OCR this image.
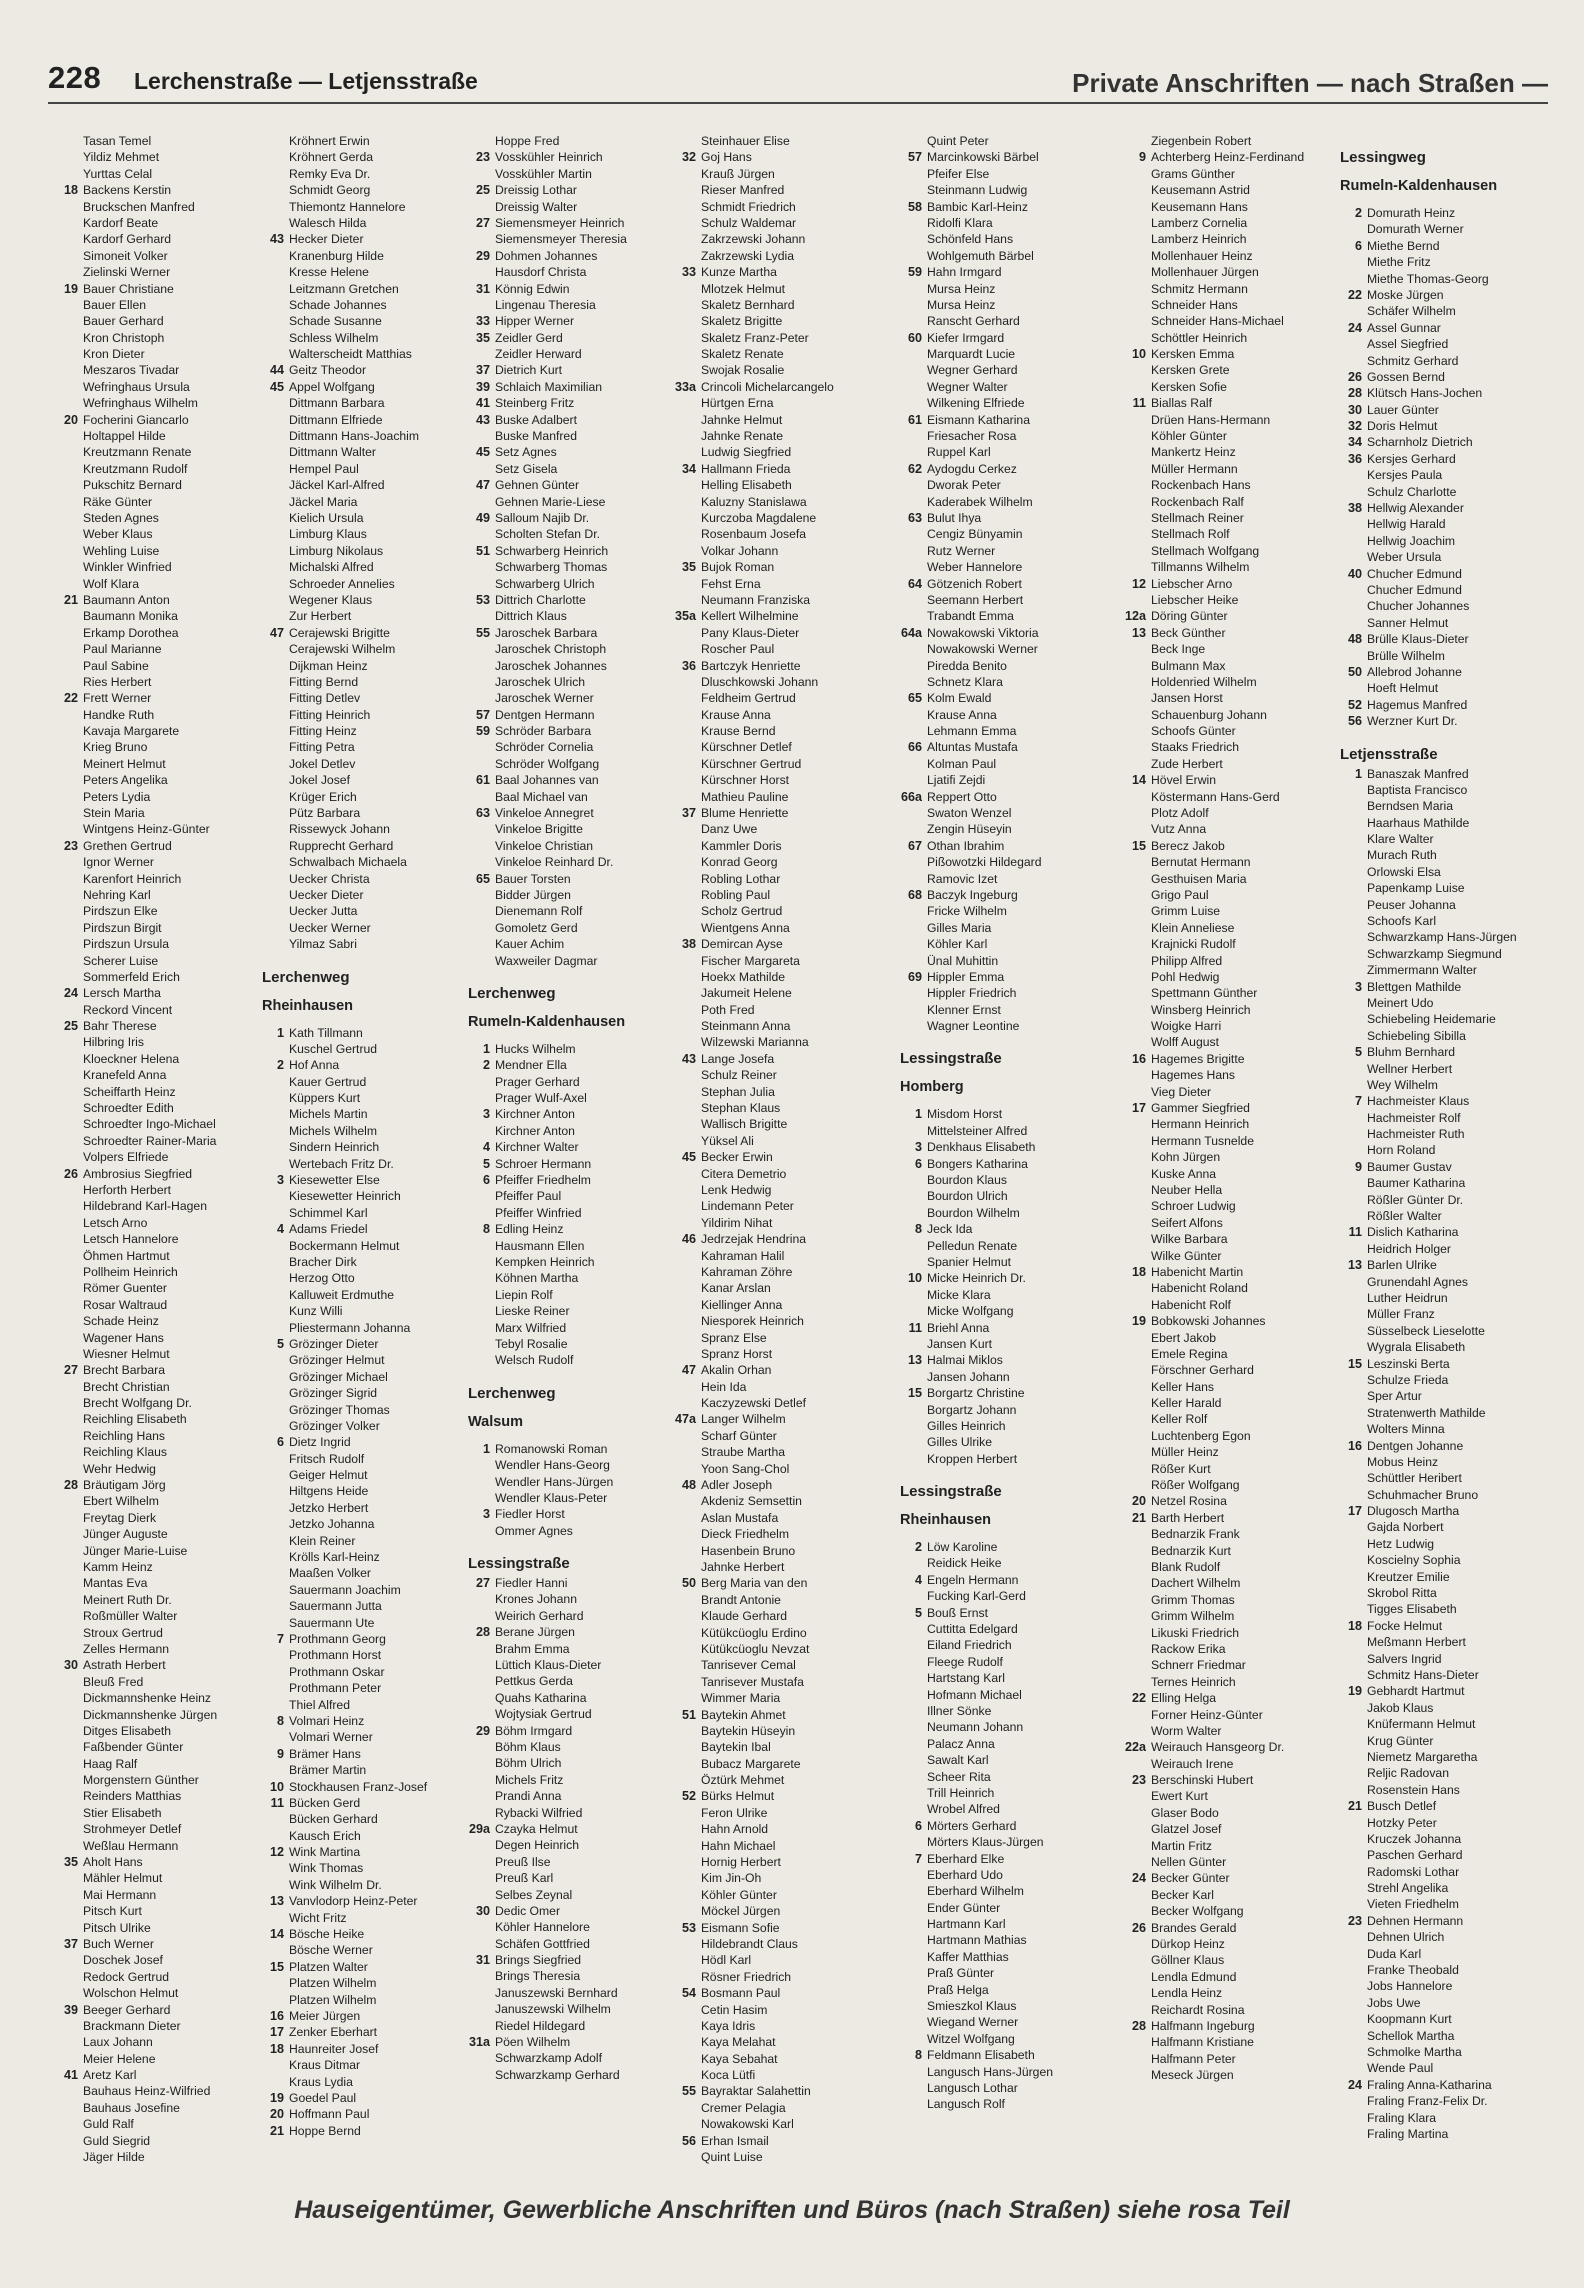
228 Lerchenstraße — Letjensstraße	Private Anschriften — nach Straßen —
Tasan Temel
Yildiz Mehmet
Yurttas Celal
18 Backens Kerstin
Bruckschen Manfred
Kardorf Beate
Kardorf Gerhard
Simoneit Volker
Zielinski Werner
19 Bauer Christiane
Bauer Ellen
Bauer Gerhard
Kron Christoph
Kron Dieter
Meszaros Tivadar
Wefringhaus Ursula
Wefringhaus Wilhelm
20 Focherini Giancarlo
Holtappel Hilde
Kreutzmann Renate
Kreutzmann Rudolf
Pukschitz Bernard
Räke Günter
Steden Agnes
Weber Klaus
Wehling Luise
Winkler Winfried
Wolf Klara
21 Baumann Anton
Baumann Monika
Erkamp Dorothea
Paul Marianne
Paul Sabine
Ries Herbert
22 Frett Werner
Handke Ruth
Kavaja Margarete
Krieg Bruno
Meinert Helmut
Peters Angelika
Peters Lydia
Stein Maria
Wintgens Heinz-Günter
23 Grethen Gertrud
Ignor Werner
Karenfort Heinrich
Nehring Karl
Pirdszun Elke
Pirdszun Birgit
Pirdszun Ursula
Scherer Luise
Sommerfeld Erich
24 Lersch Martha
Reckord Vincent
25 Bahr Therese
Hilbring Iris
Kloeckner Helena
Kranefeld Anna
Scheiffarth Heinz
Schroedter Edith
Schroedter Ingo-Michael
Schroedter Rainer-Maria
Volpers Elfriede
26 Ambrosius Siegfried
Herforth Herbert
Hildebrand Karl-Hagen
Letsch Arno
Letsch Hannelore
Öhmen Hartmut
Pollheim Heinrich
Römer Guenter
Rosar Waltraud
Schade Heinz
Wagener Hans
Wiesner Helmut
27 Brecht Barbara
Brecht Christian
Brecht Wolfgang Dr.
Reichling Elisabeth
Reichling Hans
Reichling Klaus
Wehr Hedwig
28 Bräutigam Jörg
Ebert Wilhelm
Freytag Dierk
Jünger Auguste
Jünger Marie-Luise
Kamm Heinz
Mantas Eva
Meinert Ruth Dr.
Roßmüller Walter
Stroux Gertrud
Zelles Hermann
30 Astrath Herbert
Bleuß Fred
Dickmannshenke Heinz
Dickmannshenke Jürgen
Ditges Elisabeth
Faßbender Günter
Haag Ralf
Morgenstern Günther
Reinders Matthias
Stier Elisabeth
Strohmeyer Detlef
Weßlau Hermann
35 Aholt Hans
Mähler Helmut
Mai Hermann
Pitsch Kurt
Pitsch Ulrike
37 Buch Werner
Doschek Josef
Redock Gertrud
Wolschon Helmut
39 Beeger Gerhard
Brackmann Dieter
Laux Johann
Meier Helene
41 Aretz Karl
Bauhaus Heinz-Wilfried
Bauhaus Josefine
Guld Ralf
Guld Siegrid
Jäger Hilde
Kröhnert Erwin
Kröhnert Gerda
Remky Eva Dr.
Schmidt Georg
Thiemontz Hannelore
Walesch Hilda
43 Hecker Dieter
Kranenburg Hilde
Kresse Helene
Leitzmann Gretchen
Schade Johannes
Schade Susanne
Schless Wilhelm
Walterscheidt Matthias
44 Geitz Theodor
45 Appel Wolfgang
Dittmann Barbara
Dittmann Elfriede
Dittmann Hans-Joachim
Dittmann Walter
Hempel Paul
Jäckel Karl-Alfred
Jäckel Maria
Kielich Ursula
Limburg Klaus
Limburg Nikolaus
Michalski Alfred
Schroeder Annelies
Wegener Klaus
Zur Herbert
47 Cerajewski Brigitte
Cerajewski Wilhelm
Dijkman Heinz
Fitting Bernd
Fitting Detlev
Fitting Heinrich
Fitting Heinz
Fitting Petra
Jokel Detlev
Jokel Josef
Krüger Erich
Pütz Barbara
Rissewyck Johann
Rupprecht Gerhard
Schwalbach Michaela
Uecker Christa
Uecker Dieter
Uecker Jutta
Uecker Werner
Yilmaz Sabri
Lerchenweg
Rheinhausen
1 Kath Tillmann
Kuschel Gertrud
2 Hof Anna
Kauer Gertrud
Küppers Kurt
Michels Martin
Michels Wilhelm
Sindern Heinrich
Wertebach Fritz Dr.
3 Kiesewetter Else
Kiesewetter Heinrich
Schimmel Karl
4 Adams Friedel
Bockermann Helmut
Bracher Dirk
Herzog Otto
Kalluweit Erdmuthe
Kunz Willi
Pliestermann Johanna
5 Grözinger Dieter
Grözinger Helmut
Grözinger Michael
Grözinger Sigrid
Grözinger Thomas
Grözinger Volker
6 Dietz Ingrid
Fritsch Rudolf
Geiger Helmut
Hiltgens Heide
Jetzko Herbert
Jetzko Johanna
Klein Reiner
Krölls Karl-Heinz
Maaßen Volker
Sauermann Joachim
Sauermann Jutta
Sauermann Ute
7 Prothmann Georg
Prothmann Horst
Prothmann Oskar
Prothmann Peter
Thiel Alfred
8 Volmari Heinz
Volmari Werner
9 Brämer Hans
Brämer Martin
10 Stockhausen Franz-Josef
11 Bücken Gerd
Bücken Gerhard
Kausch Erich
12 Wink Martina
Wink Thomas
Wink Wilhelm Dr.
13 Vanvlodorp Heinz-Peter
Wicht Fritz
14 Bösche Heike
Bösche Werner
15 Platzen Walter
Platzen Wilhelm
Platzen Wilhelm
16 Meier Jürgen
17 Zenker Eberhart
18 Haunreiter Josef
Kraus Ditmar
Kraus Lydia
19 Goedel Paul
20 Hoffmann Paul
21 Hoppe Bernd
Hoppe Fred
23 Vosskühler Heinrich
Vosskühler Martin
25 Dreissig Lothar
Dreissig Walter
27 Siemensmeyer Heinrich
Siemensmeyer Theresia
29 Dohmen Johannes
Hausdorf Christa
31 Könnig Edwin
Lingenau Theresia
33 Hipper Werner
35 Zeidler Gerd
Zeidler Herward
37 Dietrich Kurt
39 Schlaich Maximilian
41 Steinberg Fritz
43 Buske Adalbert
Buske Manfred
45 Setz Agnes
Setz Gisela
47 Gehnen Günter
Gehnen Marie-Liese
49 Salloum Najib Dr.
Scholten Stefan Dr.
51 Schwarberg Heinrich
Schwarberg Thomas
Schwarberg Ulrich
53 Dittrich Charlotte
Dittrich Klaus
55 Jaroschek Barbara
Jaroschek Christoph
Jaroschek Johannes
Jaroschek Ulrich
Jaroschek Werner
57 Dentgen Hermann
59 Schröder Barbara
Schröder Cornelia
Schröder Wolfgang
61 Baal Johannes van
Baal Michael van
63 Vinkeloe Annegret
Vinkeloe Brigitte
Vinkeloe Christian
Vinkeloe Reinhard Dr.
65 Bauer Torsten
Bidder Jürgen
Dienemann Rolf
Gomoletz Gerd
Kauer Achim
Waxweiler Dagmar
Lerchenweg
Rumeln-Kaldenhausen
1 Hucks Wilhelm
2 Mendner Ella
Prager Gerhard
Prager Wulf-Axel
3 Kirchner Anton
Kirchner Anton
4 Kirchner Walter
5 Schroer Hermann
6 Pfeiffer Friedhelm
Pfeiffer Paul
Pfeiffer Winfried
8 Edling Heinz
Hausmann Ellen
Kempken Heinrich
Köhnen Martha
Liepin Rolf
Lieske Reiner
Marx Wilfried
Tebyl Rosalie
Welsch Rudolf
Lerchenweg
Walsum
1 Romanowski Roman
Wendler Hans-Georg
Wendler Hans-Jürgen
Wendler Klaus-Peter
3 Fiedler Horst
Ommer Agnes
Lessingstraße
27 Fiedler Hanni
Krones Johann
Weirich Gerhard
28 Berane Jürgen
Brahm Emma
Lüttich Klaus-Dieter
Pettkus Gerda
Quahs Katharina
Wojtysiak Gertrud
29 Böhm Irmgard
Böhm Klaus
Böhm Ulrich
Michels Fritz
Prandi Anna
Rybacki Wilfried
29a Czayka Helmut
Degen Heinrich
Preuß Ilse
Preuß Karl
Selbes Zeynal
30 Dedic Omer
Köhler Hannelore
Schäfen Gottfried
31 Brings Siegfried
Brings Theresia
Januszewski Bernhard
Januszewski Wilhelm
Riedel Hildegard
31a Pöen Wilhelm
Schwarzkamp Adolf
Schwarzkamp Gerhard
Steinhauer Elise
32 Goj Hans
Krauß Jürgen
Rieser Manfred
Schmidt Friedrich
Schulz Waldemar
Zakrzewski Johann
Zakrzewski Lydia
33 Kunze Martha
Mlotzek Helmut
Skaletz Bernhard
Skaletz Brigitte
Skaletz Franz-Peter
Skaletz Renate
Swojak Rosalie
33a Crincoli Michelarcangelo
Hürtgen Erna
Jahnke Helmut
Jahnke Renate
Ludwig Siegfried
34 Hallmann Frieda
Helling Elisabeth
Kaluzny Stanislawa
Kurczoba Magdalene
Rosenbaum Josefa
Volkar Johann
35 Bujok Roman
Fehst Erna
Neumann Franziska
35a Kellert Wilhelmine
Pany Klaus-Dieter
Roscher Paul
36 Bartczyk Henriette
Dluschkowski Johann
Feldheim Gertrud
Krause Anna
Krause Bernd
Kürschner Detlef
Kürschner Gertrud
Kürschner Horst
Mathieu Pauline
37 Blume Henriette
Danz Uwe
Kammler Doris
Konrad Georg
Robling Lothar
Robling Paul
Scholz Gertrud
Wientgens Anna
38 Demircan Ayse
Fischer Margareta
Hoekx Mathilde
Jakumeit Helene
Poth Fred
Steinmann Anna
Wilzewski Marianna
43 Lange Josefa
Schulz Reiner
Stephan Julia
Stephan Klaus
Wallisch Brigitte
Yüksel Ali
45 Becker Erwin
Citera Demetrio
Lenk Hedwig
Lindemann Peter
Yildirim Nihat
46 Jedrzejak Hendrina
Kahraman Halil
Kahraman Zöhre
Kanar Arslan
Kiellinger Anna
Niesporek Heinrich
Spranz Else
Spranz Horst
47 Akalin Orhan
Hein Ida
Kaczyzewski Detlef
47a Langer Wilhelm
Scharf Günter
Straube Martha
Yoon Sang-Chol
48 Adler Joseph
Akdeniz Semsettin
Aslan Mustafa
Dieck Friedhelm
Hasenbein Bruno
Jahnke Herbert
50 Berg Maria van den
Brandt Antonie
Klaude Gerhard
Kütükcüoglu Erdino
Kütükcüoglu Nevzat
Tanrisever Cemal
Tanrisever Mustafa
Wimmer Maria
51 Baytekin Ahmet
Baytekin Hüseyin
Baytekin Ibal
Bubacz Margarete
Öztürk Mehmet
52 Bürks Helmut
Feron Ulrike
Hahn Arnold
Hahn Michael
Hornig Herbert
Kim Jin-Oh
Köhler Günter
Möckel Jürgen
53 Eismann Sofie
Hildebrandt Claus
Hödl Karl
Rösner Friedrich
54 Bosmann Paul
Cetin Hasim
Kaya Idris
Kaya Melahat
Kaya Sebahat
Koca Lütfi
55 Bayraktar Salahettin
Cremer Pelagia
Nowakowski Karl
56 Erhan Ismail
Quint Luise
Quint Peter
57 Marcinkowski Bärbel
Pfeifer Else
Steinmann Ludwig
58 Bambic Karl-Heinz
Ridolfi Klara
Schönfeld Hans
Wohlgemuth Bärbel
59 Hahn Irmgard
Mursa Heinz
Mursa Heinz
Ranscht Gerhard
60 Kiefer Irmgard
Marquardt Lucie
Wegner Gerhard
Wegner Walter
Wilkening Elfriede
61 Eismann Katharina
Friesacher Rosa
Ruppel Karl
62 Aydogdu Cerkez
Dworak Peter
Kaderabek Wilhelm
63 Bulut Ihya
Cengiz Bünyamin
Rutz Werner
Weber Hannelore
64 Götzenich Robert
Seemann Herbert
Trabandt Emma
64a Nowakowski Viktoria
Nowakowski Werner
Piredda Benito
Schnetz Klara
65 Kolm Ewald
Krause Anna
Lehmann Emma
66 Altuntas Mustafa
Kolman Paul
Ljatifi Zejdi
66a Reppert Otto
Swaton Wenzel
Zengin Hüseyin
67 Othan Ibrahim
Pißowotzki Hildegard
Ramovic Izet
68 Baczyk Ingeburg
Fricke Wilhelm
Gilles Maria
Köhler Karl
Ünal Muhittin
69 Hippler Emma
Hippler Friedrich
Klenner Ernst
Wagner Leontine
Lessingstraße
Homberg
1 Misdom Horst
Mittelsteiner Alfred
3 Denkhaus Elisabeth
6 Bongers Katharina
Bourdon Klaus
Bourdon Ulrich
Bourdon Wilhelm
8 Jeck Ida
Pelledun Renate
Spanier Helmut
10 Micke Heinrich Dr.
Micke Klara
Micke Wolfgang
11 Briehl Anna
Jansen Kurt
13 Halmai Miklos
Jansen Johann
15 Borgartz Christine
Borgartz Johann
Gilles Heinrich
Gilles Ulrike
Kroppen Herbert
Lessingstraße
Rheinhausen
2 Löw Karoline
Reidick Heike
4 Engeln Hermann
Fucking Karl-Gerd
5 Bouß Ernst
Cuttitta Edelgard
Eiland Friedrich
Fleege Rudolf
Hartstang Karl
Hofmann Michael
Illner Sönke
Neumann Johann
Palacz Anna
Sawalt Karl
Scheer Rita
Trill Heinrich
Wrobel Alfred
6 Mörters Gerhard
Mörters Klaus-Jürgen
7 Eberhard Elke
Eberhard Udo
Eberhard Wilhelm
Ender Günter
Hartmann Karl
Hartmann Mathias
Kaffer Matthias
Praß Günter
Praß Helga
Smieszkol Klaus
Wiegand Werner
Witzel Wolfgang
8 Feldmann Elisabeth
Langusch Hans-Jürgen
Langusch Lothar
Langusch Rolf
Ziegenbein Robert
9 Achterberg Heinz-Ferdinand
Grams Günther
Keusemann Astrid
Keusemann Hans
Lamberz Cornelia
Lamberz Heinrich
Mollenhauer Heinz
Mollenhauer Jürgen
Schmitz Hermann
Schneider Hans
Schneider Hans-Michael
Schöttler Heinrich
10 Kersken Emma
Kersken Grete
Kersken Sofie
11 Biallas Ralf
Drüen Hans-Hermann
Köhler Günter
Mankertz Heinz
Müller Hermann
Rockenbach Hans
Rockenbach Ralf
Stellmach Reiner
Stellmach Rolf
Stellmach Wolfgang
Tillmanns Wilhelm
12 Liebscher Arno
Liebscher Heike
12a Döring Günter
13 Beck Günther
Beck Inge
Bulmann Max
Holdenried Wilhelm
Jansen Horst
Schauenburg Johann
Schoofs Günter
Staaks Friedrich
Zude Herbert
14 Hövel Erwin
Köstermann Hans-Gerd
Plotz Adolf
Vutz Anna
15 Berecz Jakob
Bernutat Hermann
Gesthuisen Maria
Grigo Paul
Grimm Luise
Klein Anneliese
Krajnicki Rudolf
Philipp Alfred
Pohl Hedwig
Spettmann Günther
Winsberg Heinrich
Woigke Harri
Wolff August
16 Hagemes Brigitte
Hagemes Hans
Vieg Dieter
17 Gammer Siegfried
Hermann Heinrich
Hermann Tusnelde
Kohn Jürgen
Kuske Anna
Neuber Hella
Schroer Ludwig
Seifert Alfons
Wilke Barbara
Wilke Günter
18 Habenicht Martin
Habenicht Roland
Habenicht Rolf
19 Bobkowski Johannes
Ebert Jakob
Emele Regina
Förschner Gerhard
Keller Hans
Keller Harald
Keller Rolf
Luchtenberg Egon
Müller Heinz
Rößer Kurt
Rößer Wolfgang
20 Netzel Rosina
21 Barth Herbert
Bednarzik Frank
Bednarzik Kurt
Blank Rudolf
Dachert Wilhelm
Grimm Thomas
Grimm Wilhelm
Likuski Friedrich
Rackow Erika
Schnerr Friedmar
Ternes Heinrich
22 Elling Helga
Forner Heinz-Günter
Worm Walter
22a Weirauch Hansgeorg Dr.
Weirauch Irene
23 Berschinski Hubert
Ewert Kurt
Glaser Bodo
Glatzel Josef
Martin Fritz
Nellen Günter
24 Becker Günter
Becker Karl
Becker Wolfgang
26 Brandes Gerald
Dürkop Heinz
Göllner Klaus
Lendla Edmund
Lendla Heinz
Reichardt Rosina
28 Halfmann Ingeburg
Halfmann Kristiane
Halfmann Peter
Meseck Jürgen
Lessingweg
Rumeln-Kaldenhausen
2 Domurath Heinz
Domurath Werner
6 Miethe Bernd
Miethe Fritz
Miethe Thomas-Georg
22 Moske Jürgen
Schäfer Wilhelm
24 Assel Gunnar
Assel Siegfried
Schmitz Gerhard
26 Gossen Bernd
28 Klütsch Hans-Jochen
30 Lauer Günter
32 Doris Helmut
34 Scharnholz Dietrich
36 Kersjes Gerhard
Kersjes Paula
Schulz Charlotte
38 Hellwig Alexander
Hellwig Harald
Hellwig Joachim
Weber Ursula
40 Chucher Edmund
Chucher Edmund
Chucher Johannes
Sanner Helmut
48 Brülle Klaus-Dieter
Brülle Wilhelm
50 Allebrod Johanne
Hoeft Helmut
52 Hagemus Manfred
56 Werzner Kurt Dr.
Letjensstraße
1 Banaszak Manfred
Baptista Francisco
Berndsen Maria
Haarhaus Mathilde
Klare Walter
Murach Ruth
Orlowski Elsa
Papenkamp Luise
Peuser Johanna
Schoofs Karl
Schwarzkamp Hans-Jürgen
Schwarzkamp Siegmund
Zimmermann Walter
3 Blettgen Mathilde
Meinert Udo
Schiebeling Heidemarie
Schiebeling Sibilla
5 Bluhm Bernhard
Wellner Herbert
Wey Wilhelm
7 Hachmeister Klaus
Hachmeister Rolf
Hachmeister Ruth
Horn Roland
9 Baumer Gustav
Baumer Katharina
Rößler Günter Dr.
Rößler Walter
11 Dislich Katharina
Heidrich Holger
13 Barlen Ulrike
Grunendahl Agnes
Luther Heidrun
Müller Franz
Süsselbeck Lieselotte
Wygrala Elisabeth
15 Leszinski Berta
Schulze Frieda
Sper Artur
Stratenwerth Mathilde
Wolters Minna
16 Dentgen Johanne
Mobus Heinz
Schüttler Heribert
Schuhmacher Bruno
17 Dlugosch Martha
Gajda Norbert
Hetz Ludwig
Koscielny Sophia
Kreutzer Emilie
Skrobol Ritta
Tigges Elisabeth
18 Focke Helmut
Meßmann Herbert
Salvers Ingrid
Schmitz Hans-Dieter
19 Gebhardt Hartmut
Jakob Klaus
Knüfermann Helmut
Krug Günter
Niemetz Margaretha
Reljic Radovan
Rosenstein Hans
21 Busch Detlef
Hotzky Peter
Kruczek Johanna
Paschen Gerhard
Radomski Lothar
Strehl Angelika
Vieten Friedhelm
23 Dehnen Hermann
Dehnen Ulrich
Duda Karl
Franke Theobald
Jobs Hannelore
Jobs Uwe
Koopmann Kurt
Schellok Martha
Schmolke Martha
Wende Paul
24 Fraling Anna-Katharina
Fraling Franz-Felix Dr.
Fraling Klara
Fraling Martina
Hauseigentümer, Gewerbliche Anschriften und Büros (nach Straßen) siehe rosa Teil
